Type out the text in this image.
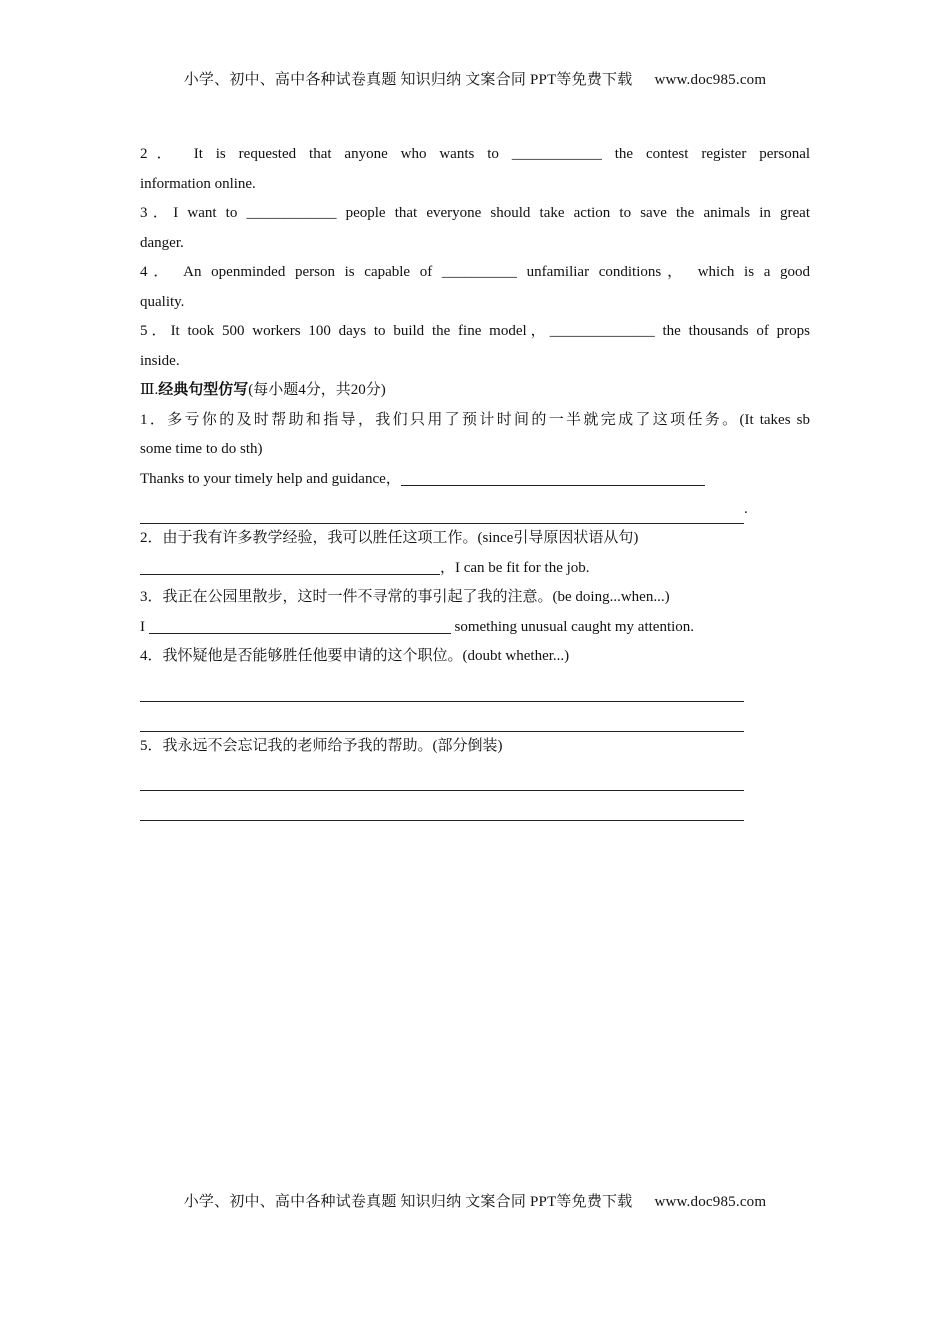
小学、初中、高中各种试卷真题 知识归纳 文案合同 PPT等免费下载 www.doc985.com

2． It is requested that anyone who wants to ____________ the contest register personal

information online.

3．I want to ____________ people that everyone should take action to save the animals in great

danger.

4． An openminded person is capable of __________ unfamiliar conditions， which is a good

quality.

5．It took 500 workers 100 days to build the fine model，______________ the thousands of props

inside.

Ⅲ.经典句型仿写(每小题4分，共20分)

1．多亏你的及时帮助和指导，我们只用了预计时间的一半就完成了这项任务。(It takes sb

some time to do sth)

Thanks to your timely help and guidance，

.

2．由于我有许多教学经验，我可以胜任这项工作。(since引导原因状语从句)

，I can be fit for the job.

3．我正在公园里散步，这时一件不寻常的事引起了我的注意。(be doing...when...)

I	something unusual caught my attention.

4．我怀疑他是否能够胜任他要申请的这个职位。(doubt whether...)

5．我永远不会忘记我的老师给予我的帮助。(部分倒装)

小学、初中、高中各种试卷真题 知识归纳 文案合同 PPT等免费下载 www.doc985.com
